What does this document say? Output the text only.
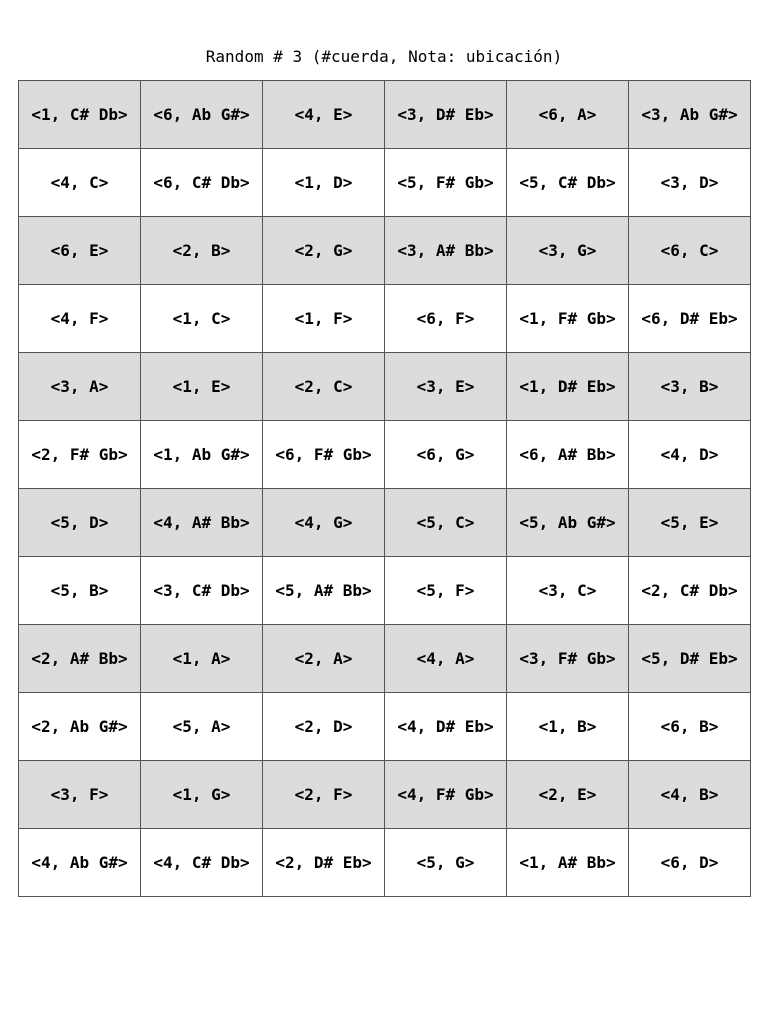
Random # 3 (#cuerda, Nota: ubicación)
<1, C# Db>	<6, Ab G#>	<4, E>	<3, D# Eb>	<6, A>	<3, Ab G#>
<4, C>	<6, C# Db>	<1, D>	<5, F# Gb>	<5, C# Db>	<3, D>
<6, E>	<2, B>	<2, G>	<3, A# Bb>	<3, G>	<6, C>
<4, F>	<1, C>	<1, F>	<6, F>	<1, F# Gb>	<6, D# Eb>
<3, A>	<1, E>	<2, C>	<3, E>	<1, D# Eb>	<3, B>
<2, F# Gb>	<1, Ab G#>	<6, F# Gb>	<6, G>	<6, A# Bb>	<4, D>
<5, D>	<4, A# Bb>	<4, G>	<5, C>	<5, Ab G#>	<5, E>
<5, B>	<3, C# Db>	<5, A# Bb>	<5, F>	<3, C>	<2, C# Db>
<2, A# Bb>	<1, A>	<2, A>	<4, A>	<3, F# Gb>	<5, D# Eb>
<2, Ab G#>	<5, A>	<2, D>	<4, D# Eb>	<1, B>	<6, B>
<3, F>	<1, G>	<2, F>	<4, F# Gb>	<2, E>	<4, B>
<4, Ab G#>	<4, C# Db>	<2, D# Eb>	<5, G>	<1, A# Bb>	<6, D>
